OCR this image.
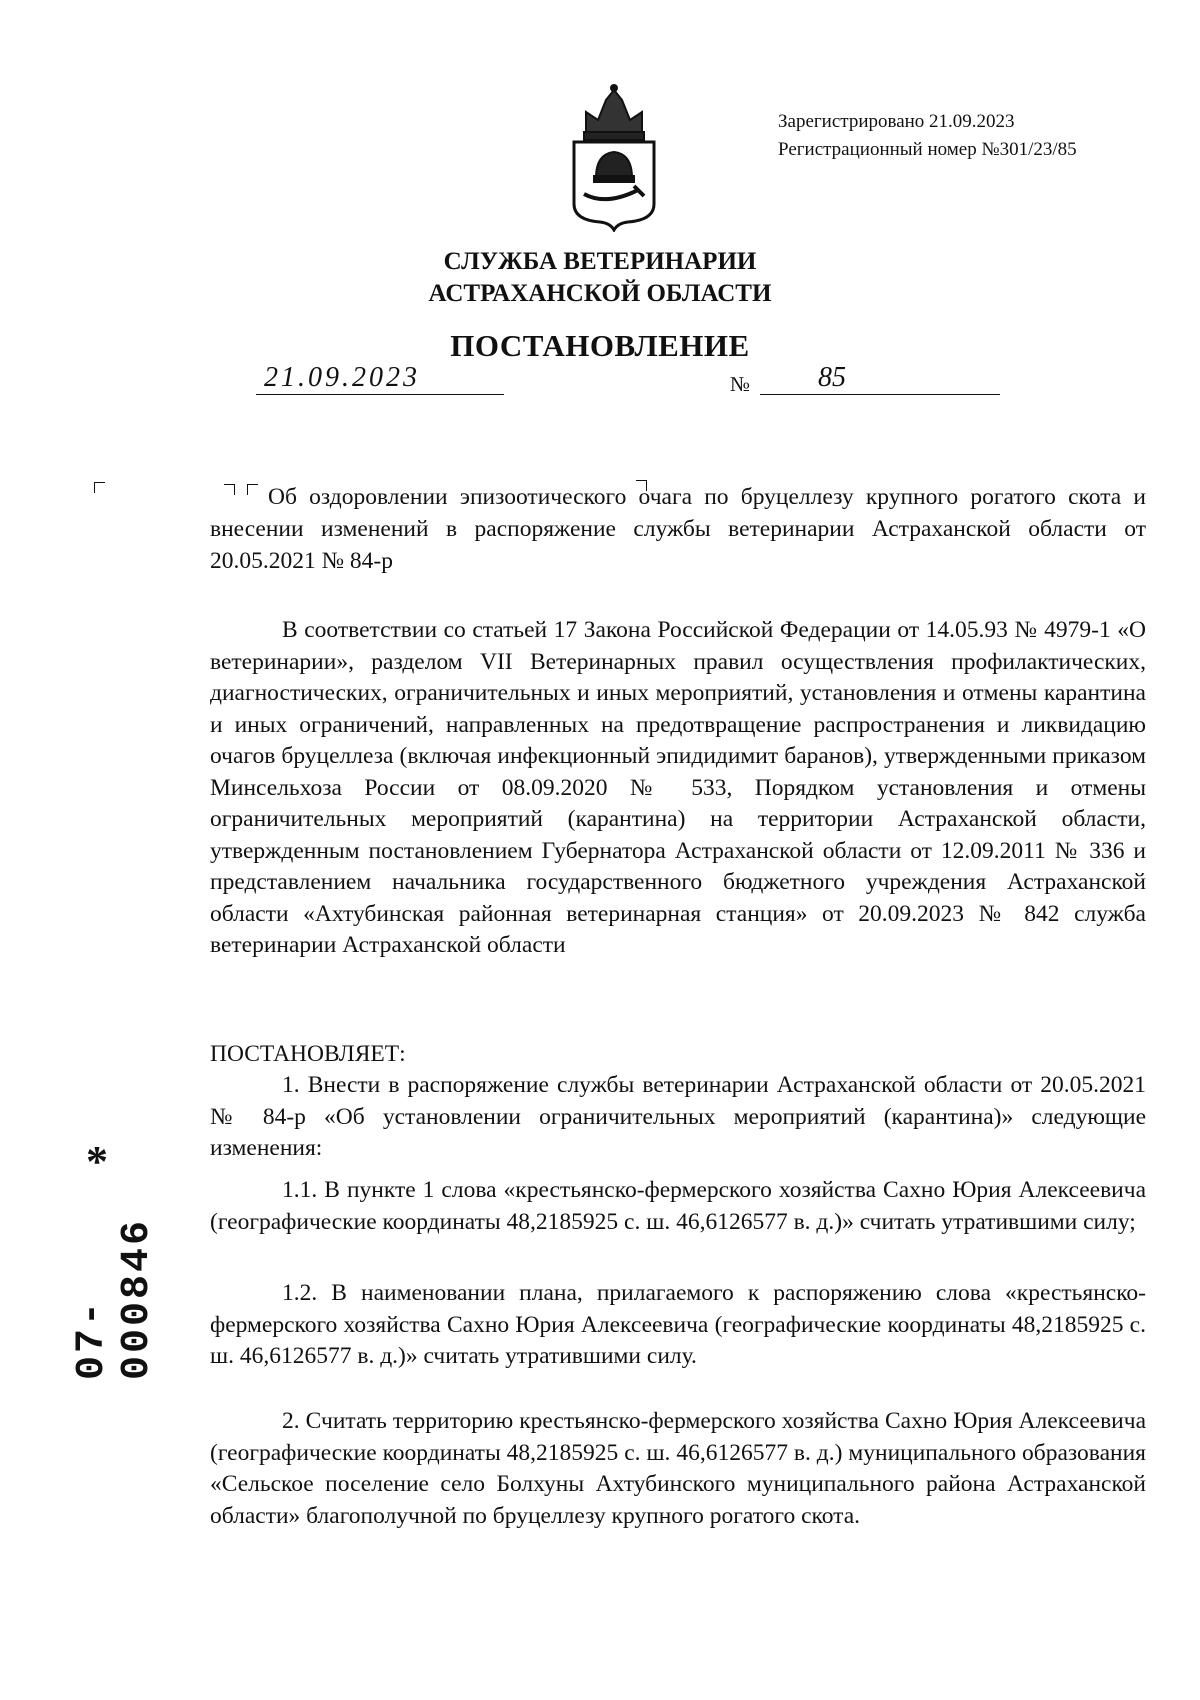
Зарегистрировано 21.09.2023
Регистрационный номер №301/23/85
СЛУЖБА ВЕТЕРИНАРИИ
АСТРАХАНСКОЙ ОБЛАСТИ
ПОСТАНОВЛЕНИЕ
21.09.2023	№ 85
Об оздоровлении эпизоотического очага по бруцеллезу крупного рогатого скота и внесении изменений в распоряжение службы ветеринарии Астраханской области от 20.05.2021 № 84-р

В соответствии со статьей 17 Закона Российской Федерации от 14.05.93 № 4979-1 «О ветеринарии», разделом VII Ветеринарных правил осуществления профилактических, диагностических, ограничительных и иных мероприятий, установления и отмены карантина и иных ограничений, направленных на предотвращение распространения и ликвидацию очагов бруцеллеза (включая инфекционный эпидидимит баранов), утвержденными приказом Минсельхоза России от 08.09.2020 № 533, Порядком установления и отмены ограничительных мероприятий (карантина) на территории Астраханской области, утвержденным постановлением Губернатора Астраханской области от 12.09.2011 № 336 и представлением начальника государственного бюджетного учреждения Астраханской области «Ахтубинская районная ветеринарная станция» от 20.09.2023 № 842 служба ветеринарии Астраханской области

ПОСТАНОВЛЯЕТ:

1. Внести в распоряжение службы ветеринарии Астраханской области от 20.05.2021 № 84-р «Об установлении ограничительных мероприятий (карантина)» следующие изменения:

1.1. В пункте 1 слова «крестьянско-фермерского хозяйства Сахно Юрия Алексеевича (географические координаты 48,2185925 с. ш. 46,6126577 в. д.)» считать утратившими силу;

1.2. В наименовании плана, прилагаемого к распоряжению слова «крестьянско-фермерского хозяйства Сахно Юрия Алексеевича (географические координаты 48,2185925 с. ш. 46,6126577 в. д.)» считать утратившими силу.

2. Считать территорию крестьянско-фермерского хозяйства Сахно Юрия Алексеевича (географические координаты 48,2185925 с. ш. 46,6126577 в. д.) муниципального образования «Сельское поселение село Болхуны Ахтубинского муниципального района Астраханской области» благополучной по бруцеллезу крупного рогатого скота.

*
07- 000846
